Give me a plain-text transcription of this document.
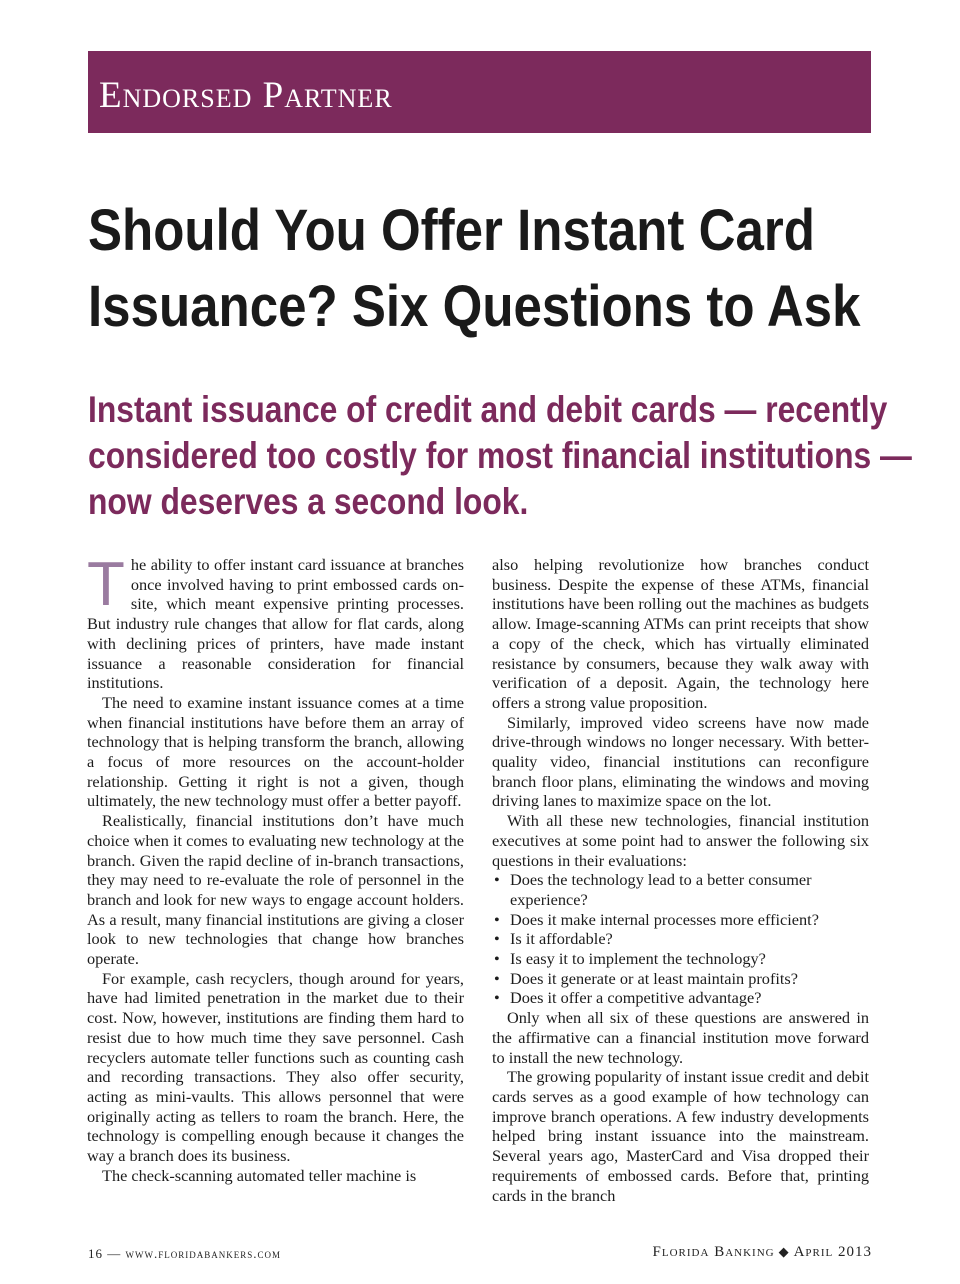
Endorsed Partner
Should You Offer Instant Card
Issuance? Six Questions to Ask
Instant issuance of credit and debit cards — recently
considered too costly for most financial institutions —
now deserves a second look.

The ability to offer instant card issuance at branches once involved having to print embossed cards on-site, which meant expensive printing processes. But industry rule changes that allow for flat cards, along with declining prices of printers, have made instant issuance a reasonable consideration for financial institutions.

The need to examine instant issuance comes at a time when financial institutions have before them an array of technology that is helping transform the branch, allowing a focus of more resources on the account-holder relationship. Getting it right is not a given, though ultimately, the new technology must offer a better payoff.

Realistically, financial institutions don’t have much choice when it comes to evaluating new technology at the branch. Given the rapid decline of in-branch transactions, they may need to re-evaluate the role of personnel in the branch and look for new ways to engage account holders. As a result, many financial institutions are giving a closer look to new technologies that change how branches operate.

For example, cash recyclers, though around for years, have had limited penetration in the market due to their cost. Now, however, institutions are finding them hard to resist due to how much time they save personnel. Cash recyclers automate teller functions such as counting cash and recording transactions. They also offer security, acting as mini-vaults. This allows personnel that were originally acting as tellers to roam the branch. Here, the technology is compelling enough because it changes the way a branch does its business.

The check-scanning automated teller machine is

also helping revolutionize how branches conduct business. Despite the expense of these ATMs, financial institutions have been rolling out the machines as budgets allow. Image-scanning ATMs can print receipts that show a copy of the check, which has virtually eliminated resistance by consumers, because they walk away with verification of a deposit. Again, the technology here offers a strong value proposition.

Similarly, improved video screens have now made drive-through windows no longer necessary. With better-quality video, financial institutions can reconfigure branch floor plans, eliminating the windows and moving driving lanes to maximize space on the lot.

With all these new technologies, financial institution executives at some point had to answer the following six questions in their evaluations:

• Does the technology lead to a better consumer experience?
• Does it make internal processes more efficient?
• Is it affordable?
• Is easy it to implement the technology?
• Does it generate or at least maintain profits?
• Does it offer a competitive advantage?

Only when all six of these questions are answered in the affirmative can a financial institution move forward to install the new technology.

The growing popularity of instant issue credit and debit cards serves as a good example of how technology can improve branch operations. A few industry developments helped bring instant issuance into the mainstream. Several years ago, MasterCard and Visa dropped their requirements of embossed cards. Before that, printing cards in the branch

16 — www.floridabankers.com	Florida Banking ◆ April 2013
